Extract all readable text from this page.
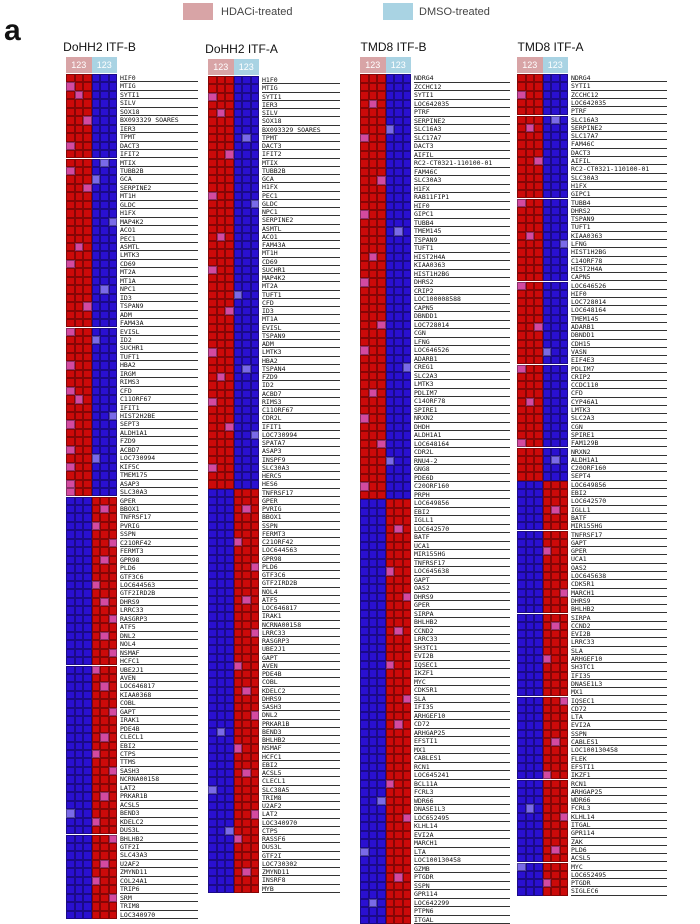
HDACi-treated	DMSO-treated
a	DoHH2 ITF-B
123	123
HIF0
MTIG
SYTI1
SILV
SOX18
BX093329 SOARES
IER3
TPMT
DACT3
IFIT2
MTIX
TUBB2B
GCA
SERPINE2
MT1H
GLDC
H1FX
MAP4K2
ACO1
PEC1
ASMTL
LMTK3
CD69
MT2A
MT1A
NPC1
ID3
TSPAN9
ADM
FAM43A
EVI5L
ID2
SUCHR1
TUFT1
HBA2
IRGM
RIMS3
CFD
C11ORF67
IFIT1
HIST2H2BE
SEPT3
ALDH1A1
FZD9
ACBD7
LOC730994
KIF5C
TMEM175
ASAP3
SLC30A3
GPER
BBOX1
TNFRSF17
PVRIG
SSPN
C21ORF42
FERMT3
GPR98
PLD6
GTF3C6
LOC644563
GTF2IRD2B
DHRS9
LRRC33
RASGRP3
ATF5
DNL2
NOL4
NSMAF
HCFC1
UBE2J1
AVEN
LOC646817
KIAA0368
COBL
GAPT
IRAK1
PDE4B
CLECL1
EBI2
CTPS
TTMS
SASH3
NCRNA00158
LAT2
PRKAR1B
ACSL5
BEND3
KDELC2
DUS3L
BHLHB2
GTF2I
SLC43A3
U2AF2
ZMYND11
COL24A1
TRIP6
SRM
TRIM8
LOC340970
DoHH2 ITF-A
123	123
H1F0
MTIG
SYTI1
IER3
SILV
SOX18
BX093329 SOARES
TPMT
DACT3
IFIT2
MTIX
TUBB2B
GCA
H1FX
PEC1
GLDC
NPC1
SERPINE2
ASMTL
ACO1
FAM43A
MT1H
CD69
SUCHR1
MAP4K2
MT2A
TUFT1
CFD
ID3
MT1A
EVI5L
TSPAN9
ADM
LMTK3
HBA2
TSPAN4
FZD9
ID2
ACBD7
RIMS3
C11ORF67
CDR2L
IFIT1
LOC730994
SPATA7
ASAP3
INSPF9
SLC30A3
HERC5
HES6
TNFRSF17
GPER
PVRIG
BBOX1
SSPN
FERMT3
C21ORF42
LOC644563
GPR98
PLD6
GTF3C6
GTF2IRD2B
NOL4
ATF5
LOC646817
IRAK1
NCRNA00158
LRRC33
RASGRP3
UBE2J1
GAPT
AVEN
PDE4B
COBL
KDELC2
DHRS9
SASH3
DNL2
PRKAR1B
BEND3
BHLHB2
NSMAF
HCFC1
EBI2
ACSL5
CLECL1
SLC38A5
TRIM8
U2AF2
LAT2
LOC340970
CTPS
RASSF6
DUS3L
GTF2I
LOC730302
ZMYND11
INSRF8
MYB
TMD8 ITF-B
123	123
NDRG4
ZCCHC12
SYTI1
LOC642035
PTRF
SERPINE2
SLC16A3
SLC17A7
DACT3
AIFIL
RC2-CT0321-110100-01
FAM46C
SLC30A3
H1FX
RAB11FIP1
HIF0
GIPC1
TUBB4
TMEM145
TSPAN9
TUFT1
HIST2H4A
KIAA0363
HIST1H2BG
DHRS2
CRIP2
LOC100008588
CAPN5
DBNDD1
LOC728014
CGN
LFNG
LOC646526
ADARB1
CREG1
SLC2A3
LMTK3
PDLIM7
C14ORF78
SPIRE1
NRXN2
DHDH
ALDH1A1
LOC648164
CDR2L
RNU4-2
GNG8
PDE6D
C20ORF160
PRPH
LOC649856
EBI2
IGLL1
LOC642570
BATF
UCA1
MIR155HG
TNFRSF17
LOC645638
GAPT
OAS2
DHRS9
GPER
SIRPA
BHLHB2
CCND2
LRRC33
SH3TC1
EVI2B
IQSEC1
IKZF1
MYC
CDK5R1
SLA
IFI35
ARHGEF10
CD72
ARHGAP25
EFSTI1
MX1
CABLES1
RCN1
LOC645241
BCL11A
FCRL3
WDR66
DNASE1L3
LOC652495
KLHL14
EVI2A
MARCH1
LTA
LOC100130458
GZMB
PTGDR
SSPN
GPR114
LOC642299
PTPN6
ITGAL
TMD8 ITF-A
123	123
NDRG4
SYTI1
ZCCHC12
LOC642035
PTRF
SLC16A3
SERPINE2
SLC17A7
FAM46C
DACT3
AIFIL
RC2-CT0321-110100-01
SLC30A3
H1FX
GIPC1
TUBB4
DHRS2
TSPAN9
TUFT1
KIAA0363
LFNG
HIST1H2BG
C14ORF78
HIST2H4A
CAPN5
LOC646526
HIF0
LOC728014
LOC648164
TMEM145
ADARB1
DBNDD1
CDH15
VASN
EIF4E3
PDLIM7
CRIP2
CCDC110
CFD
CYP46A1
LMTK3
SLC2A3
CGN
SPIRE1
FAM129B
NRXN2
ALDH1A1
C20ORF160
SEPT4
LOC649856
EBI2
LOC642570
IGLL1
BATF
MIR155HG
TNFRSF17
GAPT
GPER
UCA1
OAS2
LOC645638
CDK5R1
MARCH1
DHRS9
BHLHB2
SIRPA
CCND2
EVI2B
LRRC33
SLA
ARHGEF10
SH3TC1
IFI35
DNASE1L3
MX1
IQSEC1
CD72
LTA
EVI2A
SSPN
CABLES1
LOC100130458
FLEK
EFSTI1
IKZF1
RCN1
ARHGAP25
WDR66
FCRL3
KLHL14
ITGAL
GPR114
ZAK
PLD6
ACSL5
MYC
LOC652495
PTGDR
SIGLEC6
